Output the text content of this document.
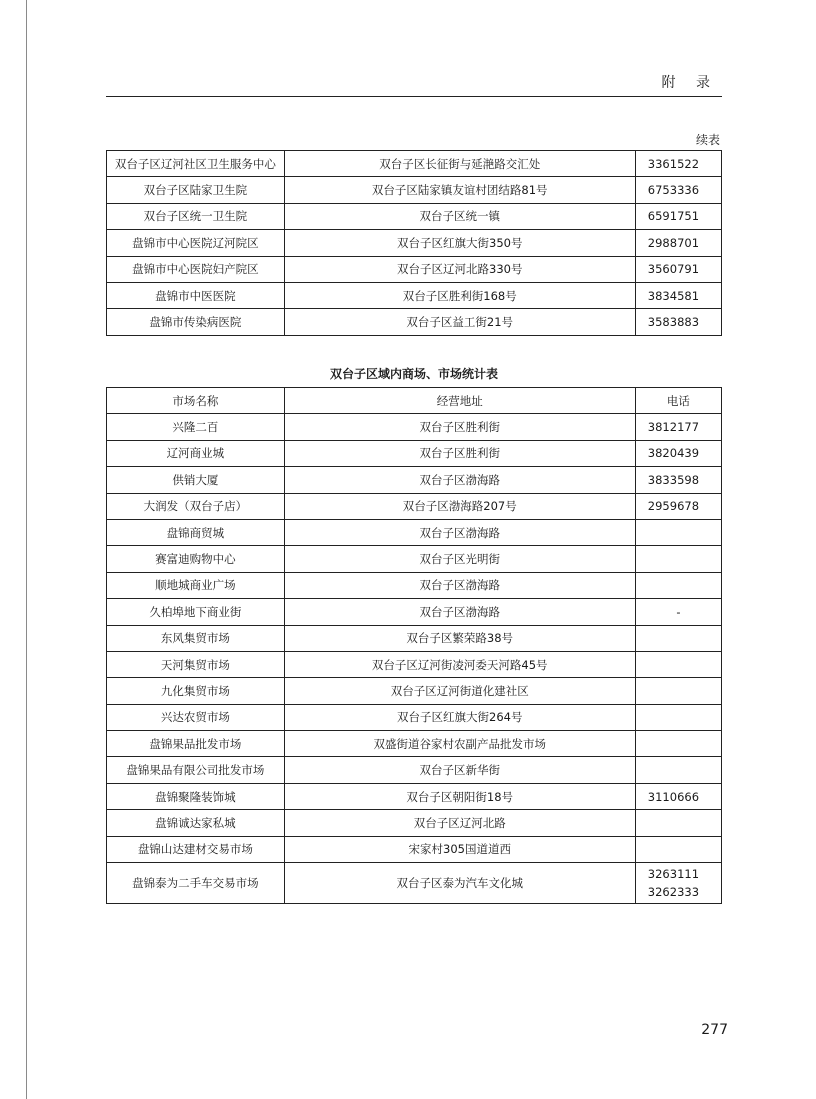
附 录
续表
双台子区辽河社区卫生服务中心	双台子区长征街与延滟路交汇处	3361522
双台子区陆家卫生院	双台子区陆家镇友谊村团结路81号	6753336
双台子区统一卫生院	双台子区统一镇	6591751
盘锦市中心医院辽河院区	双台子区红旗大街350号	2988701
盘锦市中心医院妇产院区	双台子区辽河北路330号	3560791
盘锦市中医医院	双台子区胜利街168号	3834581
盘锦市传染病医院	双台子区益工街21号	3583883
双台子区域内商场、市场统计表
市场名称	经营地址	电话
兴隆二百	双台子区胜利街	3812177
辽河商业城	双台子区胜利街	3820439
供销大厦	双台子区渤海路	3833598
大润发（双台子店）	双台子区渤海路207号	2959678
盘锦商贸城	双台子区渤海路	
赛富迪购物中心	双台子区光明街	
顺地城商业广场	双台子区渤海路	
久柏埠地下商业街	双台子区渤海路	-
东风集贸市场	双台子区繁荣路38号	
天河集贸市场	双台子区辽河街凌河委天河路45号	
九化集贸市场	双台子区辽河街道化建社区	
兴达农贸市场	双台子区红旗大街264号	
盘锦果品批发市场	双盛街道谷家村农副产品批发市场	
盘锦果品有限公司批发市场	双台子区新华街	
盘锦聚隆装饰城	双台子区朝阳街18号	3110666
盘锦诚达家私城	双台子区辽河北路	
盘锦山达建材交易市场	宋家村305国道道西	
盘锦泰为二手车交易市场	双台子区泰为汽车文化城	3263111
3262333
277
